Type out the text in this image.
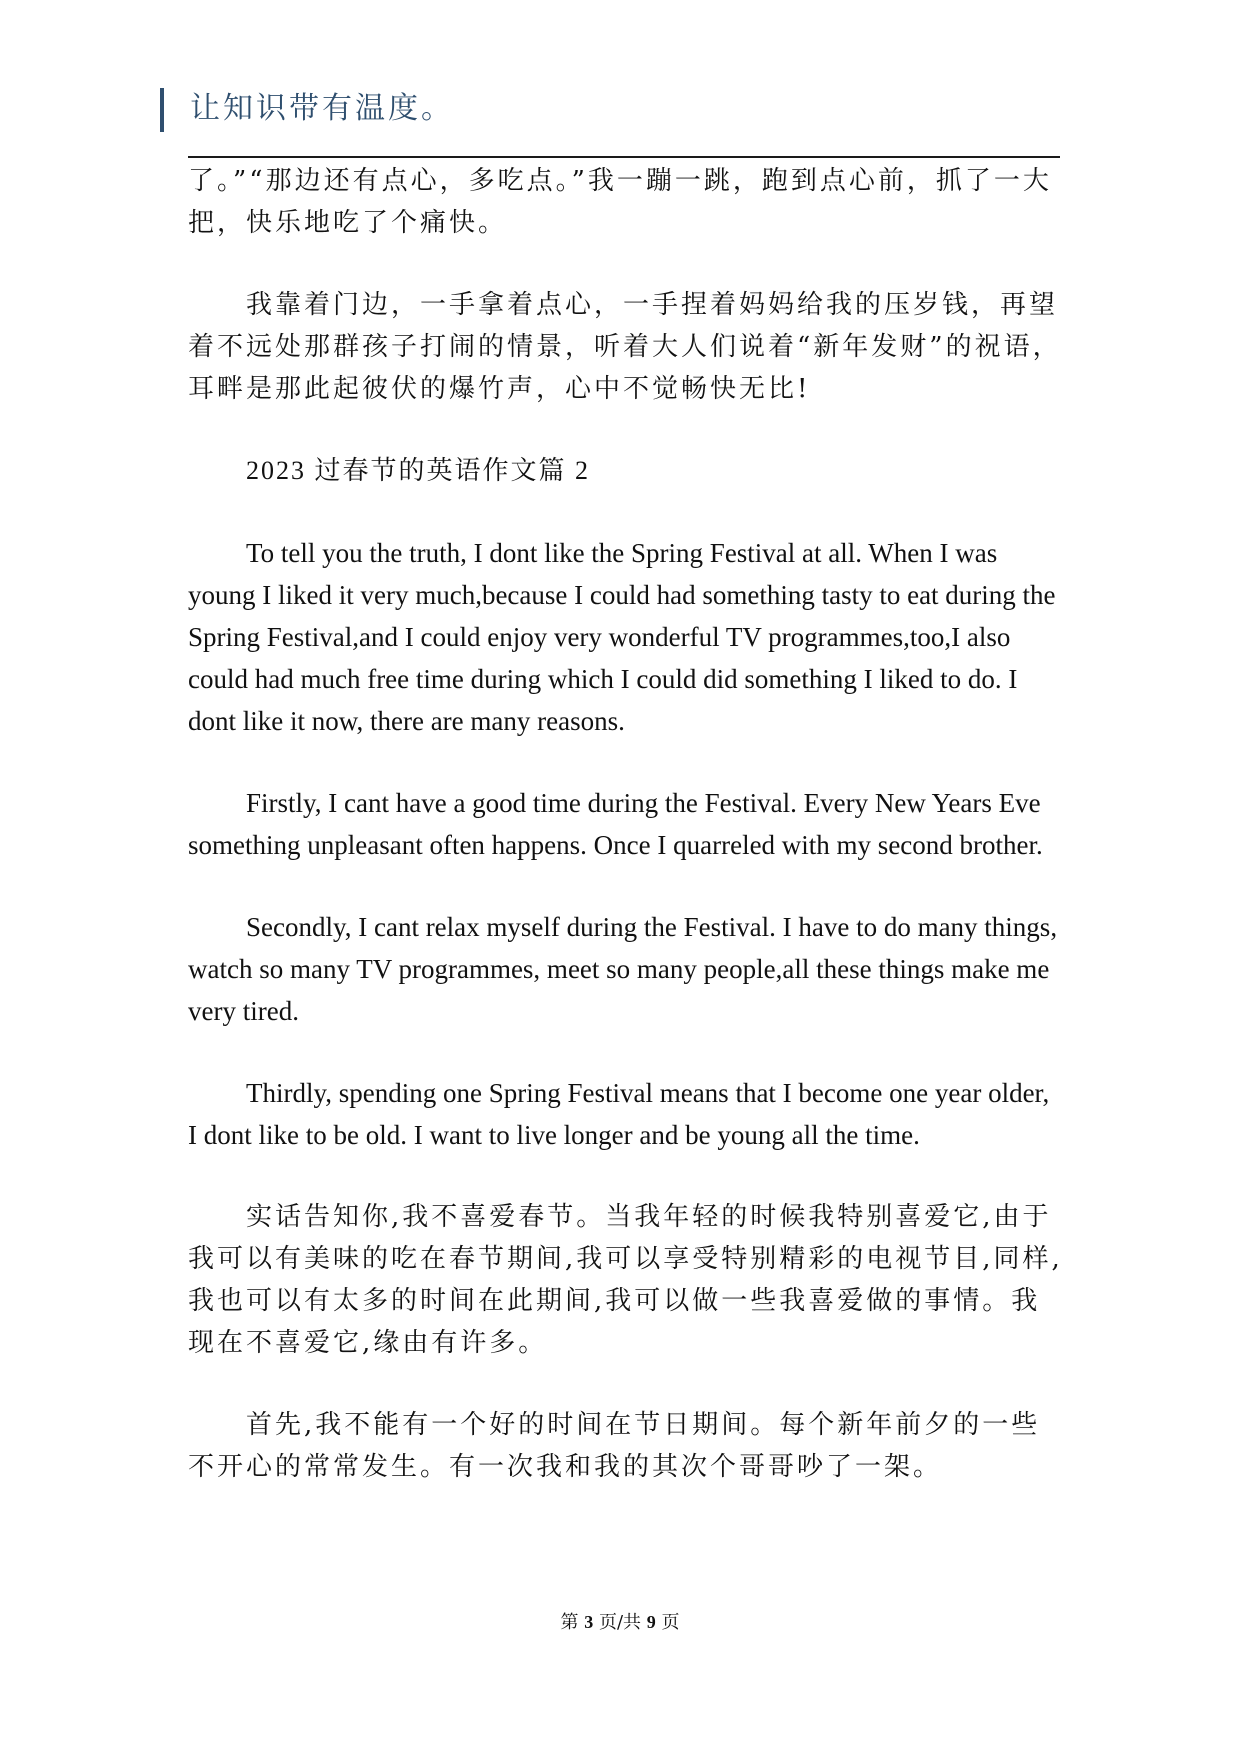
让知识带有温度。

了。”“那边还有点心，多吃点。”我一蹦一跳，跑到点心前，抓了一大把，快乐地吃了个痛快。

我靠着门边，一手拿着点心，一手捏着妈妈给我的压岁钱，再望着不远处那群孩子打闹的情景，听着大人们说着“新年发财”的祝语，耳畔是那此起彼伏的爆竹声，心中不觉畅快无比!

2023 过春节的英语作文篇 2

To tell you the truth, I dont like the Spring Festival at all. When I was young I liked it very much,because I could had something tasty to eat during the Spring Festival,and I could enjoy very wonderful TV programmes,too,I also could had much free time during which I could did something I liked to do. I dont like it now, there are many reasons.

Firstly, I cant have a good time during the Festival. Every New Years Eve something unpleasant often happens. Once I quarreled with my second brother.

Secondly, I cant relax myself during the Festival. I have to do many things, watch so many TV programmes, meet so many people,all these things make me very tired.

Thirdly, spending one Spring Festival means that I become one year older, I dont like to be old. I want to live longer and be young all the time.

实话告知你,我不喜爱春节。当我年轻的时候我特别喜爱它,由于我可以有美味的吃在春节期间,我可以享受特别精彩的电视节目,同样,我也可以有太多的时间在此期间,我可以做一些我喜爱做的事情。我现在不喜爱它,缘由有许多。

首先,我不能有一个好的时间在节日期间。每个新年前夕的一些不开心的常常发生。有一次我和我的其次个哥哥吵了一架。

第 3 页/共 9 页
